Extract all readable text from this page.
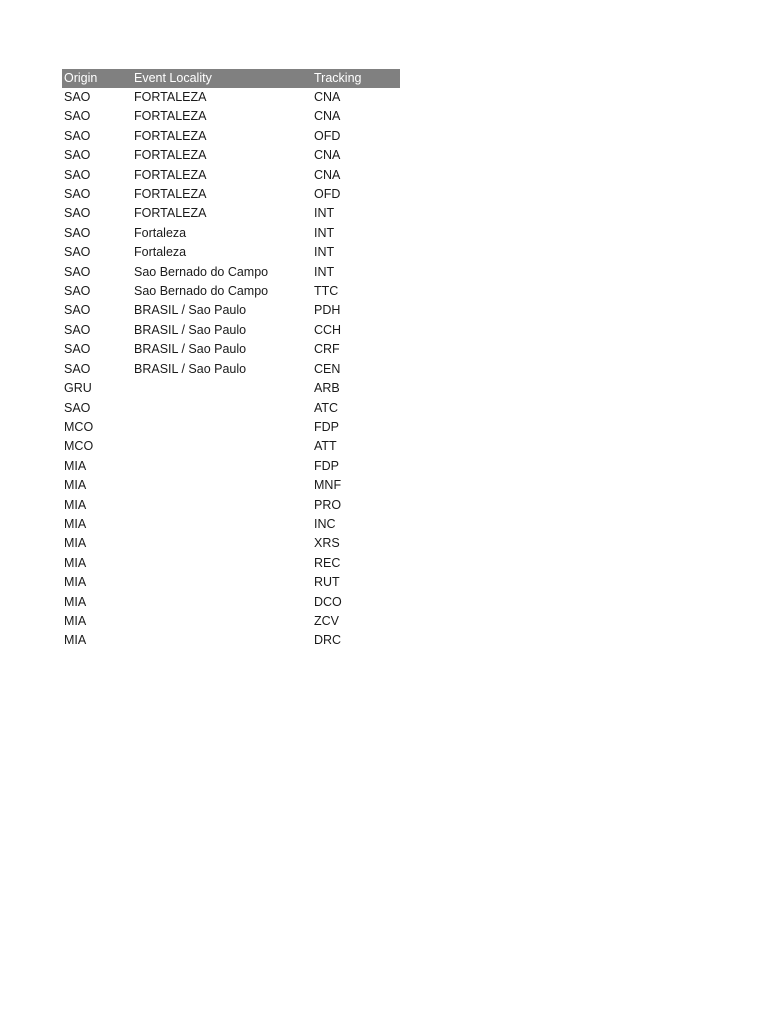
Origin	Event Locality	Tracking
SAO	FORTALEZA	CNA
SAO	FORTALEZA	CNA
SAO	FORTALEZA	OFD
SAO	FORTALEZA	CNA
SAO	FORTALEZA	CNA
SAO	FORTALEZA	OFD
SAO	FORTALEZA	INT
SAO	Fortaleza	INT
SAO	Fortaleza	INT
SAO	Sao Bernado do Campo	INT
SAO	Sao Bernado do Campo	TTC
SAO	BRASIL / Sao Paulo	PDH
SAO	BRASIL / Sao Paulo	CCH
SAO	BRASIL / Sao Paulo	CRF
SAO	BRASIL / Sao Paulo	CEN
GRU		ARB
SAO		ATC
MCO		FDP
MCO		ATT
MIA		FDP
MIA		MNF
MIA		PRO
MIA		INC
MIA		XRS
MIA		REC
MIA		RUT
MIA		DCO
MIA		ZCV
MIA		DRC
